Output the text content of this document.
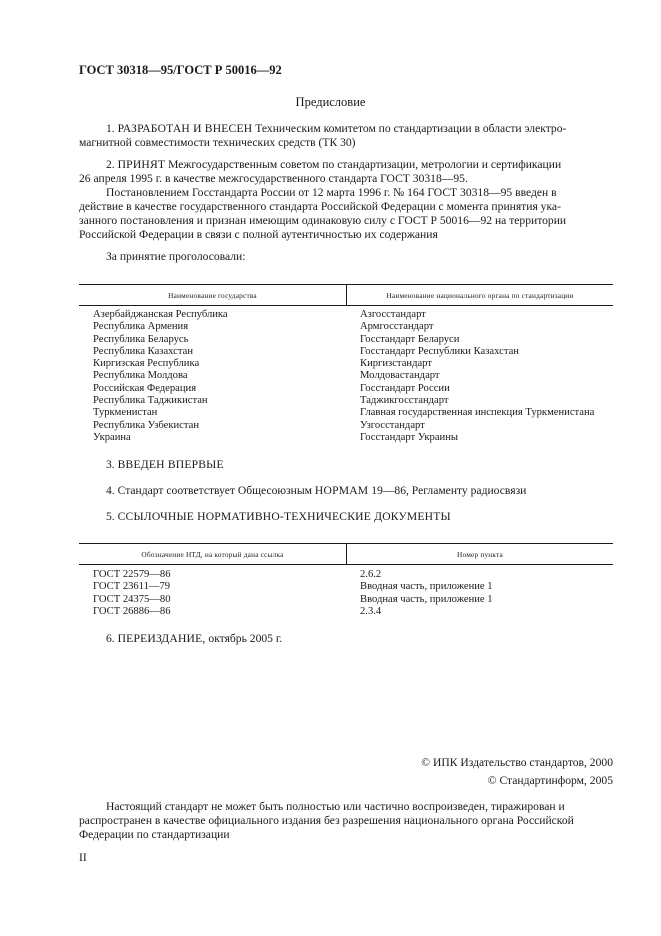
ГОСТ 30318—95/ГОСТ Р 50016—92
Предисловие
1. РАЗРАБОТАН И ВНЕСЕН Техническим комитетом по стандартизации в области электро-
магнитной совместимости технических средств (ТК 30)
2. ПРИНЯТ Межгосударственным советом по стандартизации, метрологии и сертификации
26 апреля 1995 г. в качестве межгосударственного стандарта ГОСТ 30318—95.
Постановлением Госстандарта России от 12 марта 1996 г. № 164 ГОСТ 30318—95 введен в
действие в качестве государственного стандарта Российской Федерации с момента принятия ука-
занного постановления и признан имеющим одинаковую силу с ГОСТ Р 50016—92 на территории
Российской Федерации в связи с полной аутентичностью их содержания
За принятие проголосовали:
Наименование государства	Наименование национального органа по стандартизации
Азербайджанская Республика
Республика Армения
Республика Беларусь
Республика Казахстан
Киргизская Республика
Республика Молдова
Российская Федерация
Республика Таджикистан
Туркменистан
Республика Узбекистан
Украина
Азгосстандарт
Армгосстандарт
Госстандарт Беларуси
Госстандарт Республики Казахстан
Киргизстандарт
Молдовастандарт
Госстандарт России
Таджикгосстандарт
Главная государственная инспекция Туркменистана
Узгосстандарт
Госстандарт Украины
3. ВВЕДЕН ВПЕРВЫЕ
4. Стандарт соответствует Общесоюзным НОРМАМ 19—86, Регламенту радиосвязи
5. ССЫЛОЧНЫЕ НОРМАТИВНО-ТЕХНИЧЕСКИЕ ДОКУМЕНТЫ
Обозначение НТД, на который дана ссылка	Номер пункта
ГОСТ 22579—86
ГОСТ 23611—79
ГОСТ 24375—80
ГОСТ 26886—86
2.6.2
Вводная часть, приложение 1
Вводная часть, приложение 1
2.3.4
6. ПЕРЕИЗДАНИЕ, октябрь 2005 г.
© ИПК Издательство стандартов, 2000
© Стандартинформ, 2005
Настоящий стандарт не может быть полностью или частично воспроизведен, тиражирован и
распространен в качестве официального издания без разрешения национального органа Российской
Федерации по стандартизации
II
